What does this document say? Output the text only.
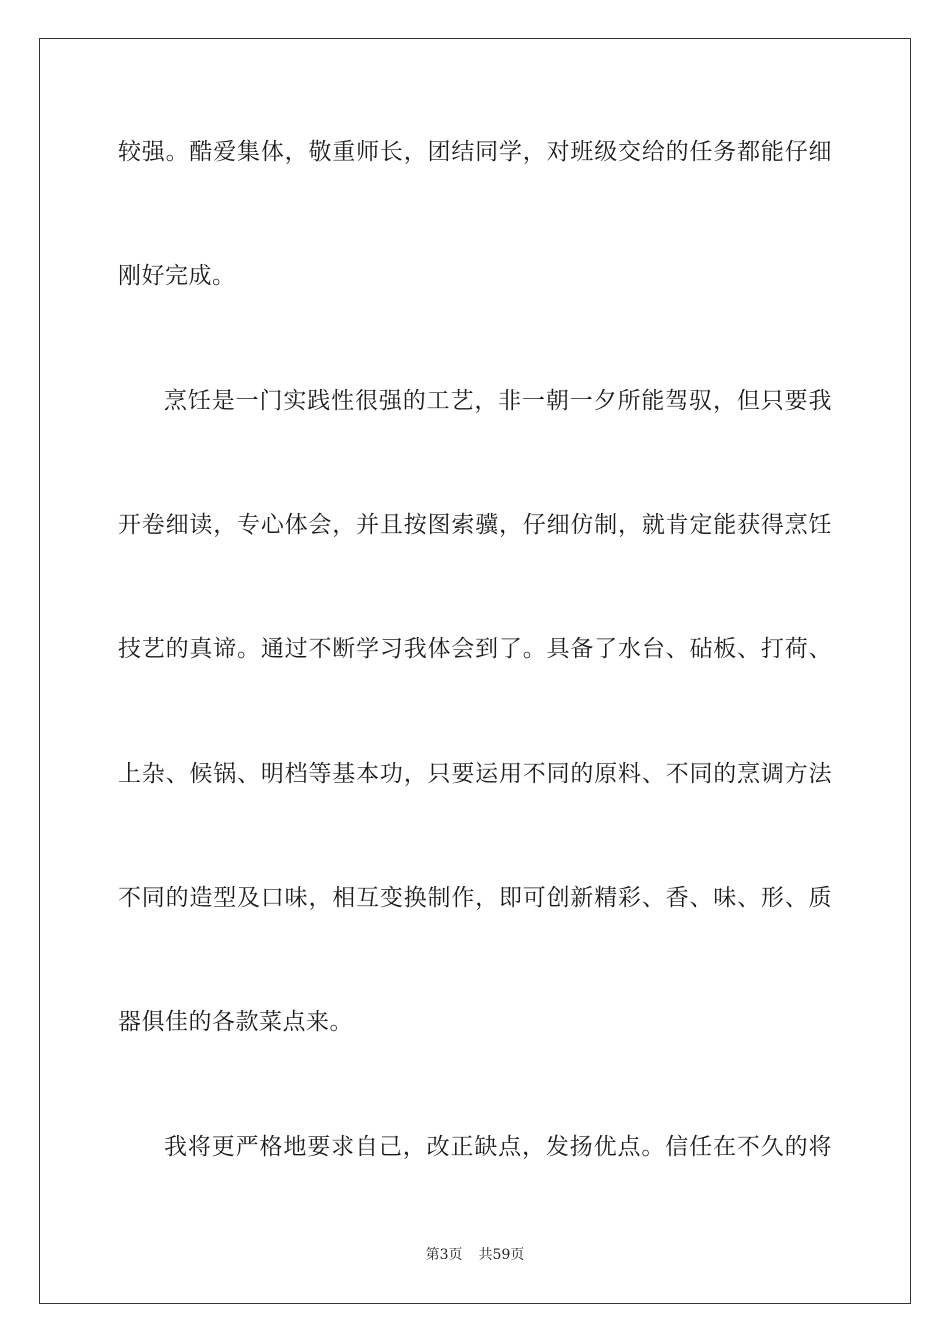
较强。酷爱集体，敬重师长，团结同学，对班级交给的任务都能仔细
刚好完成。
烹饪是一门实践性很强的工艺，非一朝一夕所能驾驭，但只要我
开卷细读，专心体会，并且按图索骥，仔细仿制，就肯定能获得烹饪
技艺的真谛。通过不断学习我体会到了。具备了水台、砧板、打荷、
上杂、候锅、明档等基本功，只要运用不同的原料、不同的烹调方法
不同的造型及口味，相互变换制作，即可创新精彩、香、味、形、质
器俱佳的各款菜点来。
我将更严格地要求自己，改正缺点，发扬优点。信任在不久的将
第3页 共59页
